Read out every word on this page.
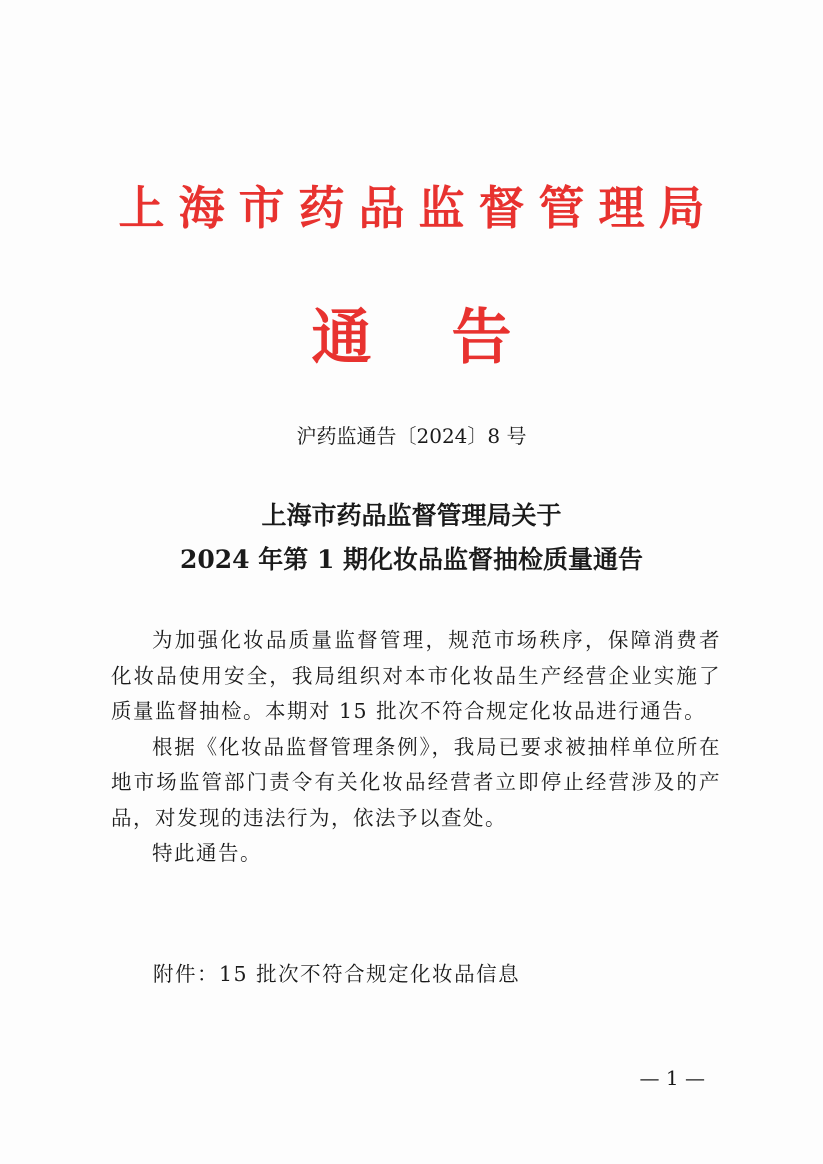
上海市药品监督管理局
通告
沪药监通告〔2024〕8 号
上海市药品监督管理局关于
2024 年第 1 期化妆品监督抽检质量通告

为加强化妆品质量监督管理，规范市场秩序，保障消费者化妆品使用安全，我局组织对本市化妆品生产经营企业实施了质量监督抽检。本期对 15 批次不符合规定化妆品进行通告。

根据《化妆品监督管理条例》，我局已要求被抽样单位所在地市场监管部门责令有关化妆品经营者立即停止经营涉及的产品，对发现的违法行为，依法予以查处。

特此通告。

附件：15 批次不符合规定化妆品信息
— 1 —
